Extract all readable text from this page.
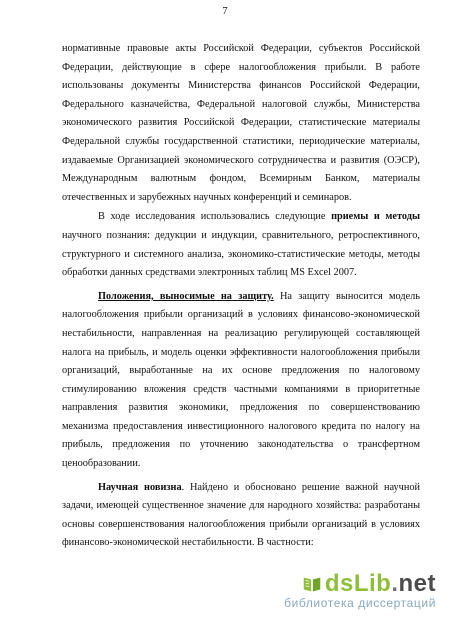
7

нормативные правовые акты Российской Федерации, субъектов Российской Федерации, действующие в сфере налогообложения прибыли. В работе использованы документы Министерства финансов Российской Федерации, Федерального казначейства, Федеральной налоговой службы, Министерства экономического развития Российской Федерации, статистические материалы Федеральной службы государственной статистики, периодические материалы, издаваемые Организацией экономического сотрудничества и развития (ОЭСР), Международным валютным фондом, Всемирным Банком, материалы отечественных и зарубежных научных конференций и семинаров.

В ходе исследования использовались следующие приемы и методы научного познания: дедукции и индукции, сравнительного, ретроспективного, структурного и системного анализа, экономико-статистические методы, методы обработки данных средствами электронных таблиц MS Excel 2007.

Положения, выносимые на защиту. На защиту выносится модель налогообложения прибыли организаций в условиях финансово-экономической нестабильности, направленная на реализацию регулирующей составляющей налога на прибыль, и модель оценки эффективности налогообложения прибыли организаций, выработанные на их основе предложения по налоговому стимулированию вложения средств частными компаниями в приоритетные направления развития экономики, предложения по совершенствованию механизма предоставления инвестиционного налогового кредита по налогу на прибыль, предложения по уточнению законодательства о трансфертном ценообразовании.

Научная новизна. Найдено и обосновано решение важной научной задачи, имеющей существенное значение для народного хозяйства: разработаны основы совершенствования налогообложения прибыли организаций в условиях финансово-экономической нестабильности. В частности:

ds Lib . net
библиотека диссертаций
